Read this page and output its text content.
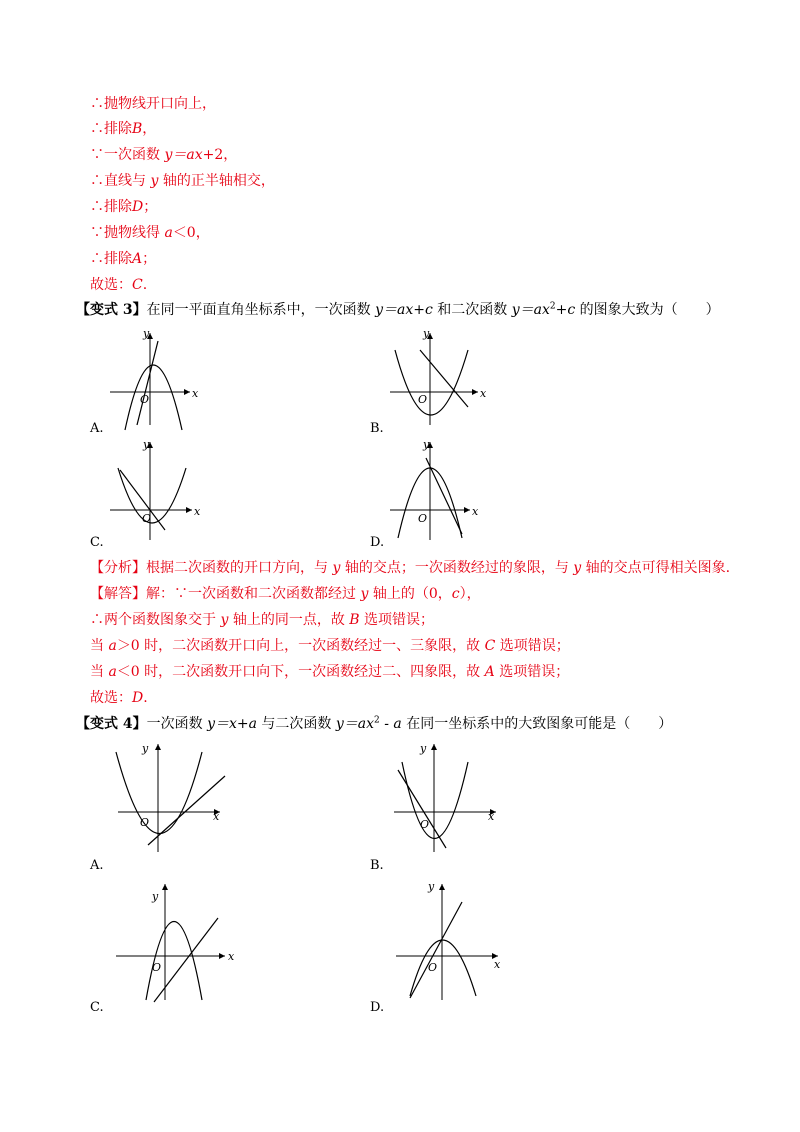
∴抛物线开口向上，
∴排除B，
∵一次函数 y＝ax+2，
∴直线与 y 轴的正半轴相交，
∴排除D；
∵抛物线得 a＜0，
∴排除A；
故选：C.
【变式 3】在同一平面直角坐标系中，一次函数 y＝ax+c 和二次函数 $y=ax^2+c$ 的图象大致为（　　）
x
y
O
A.
x
y
O
B.
x
y
O
C.
x
y
O
D.
【分析】根据二次函数的开口方向，与 y 轴的交点；一次函数经过的象限，与 y 轴的交点可得相关图象.
【解答】解：∵一次函数和二次函数都经过 y 轴上的（0，c），
∴两个函数图象交于 y 轴上的同一点，故 B 选项错误；
当 a＞0 时，二次函数开口向上，一次函数经过一、三象限，故 C 选项错误；
当 a＜0 时，二次函数开口向下，一次函数经过二、四象限，故 A 选项错误；
故选：D.
【变式 4】一次函数 y＝x+a 与二次函数 $y=ax^2 - a$ 在同一坐标系中的大致图象可能是（　　）
x
y
O
A.
x
y
O
B.
x
y
O
C.
x
y
O
D.
